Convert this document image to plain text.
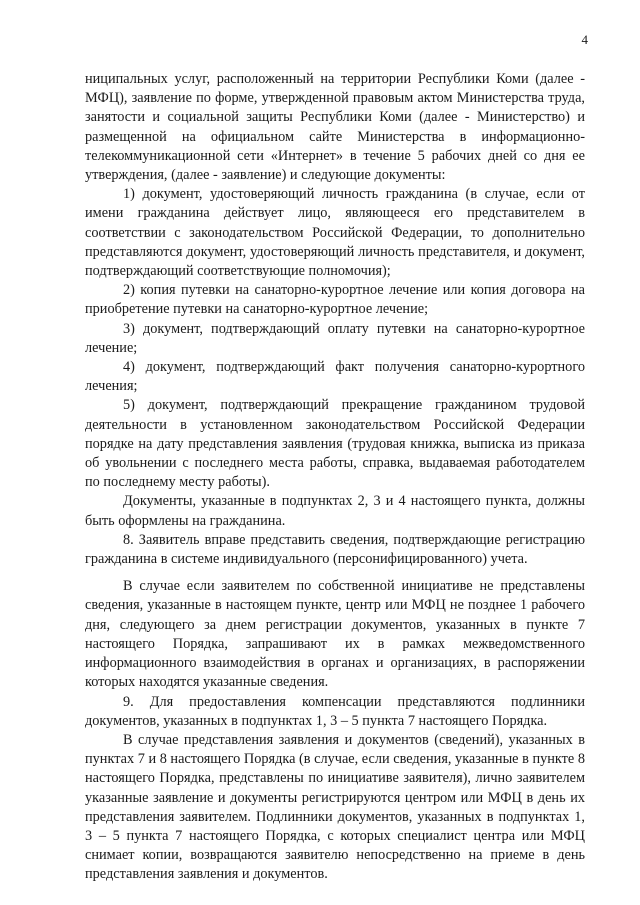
4

ниципальных услуг, расположенный на территории Республики Коми (далее - МФЦ), заявление по форме, утвержденной правовым актом Министерства труда, занятости и социальной защиты Республики Коми (далее - Министерство) и размещенной на официальном сайте Министерства в информационно-телекоммуникационной сети «Интернет» в течение 5 рабочих дней со дня ее утверждения, (далее - заявление) и следующие документы:

1) документ, удостоверяющий личность гражданина (в случае, если от имени гражданина действует лицо, являющееся его представителем в соответствии с законодательством Российской Федерации, то дополнительно представляются документ, удостоверяющий личность представителя, и документ, подтверждающий соответствующие полномочия);

2) копия путевки на санаторно-курортное лечение или копия договора на приобретение путевки на санаторно-курортное лечение;

3) документ, подтверждающий оплату путевки на санаторно-курортное лечение;

4) документ, подтверждающий факт получения санаторно-курортного лечения;

5) документ, подтверждающий прекращение гражданином трудовой деятельности в установленном законодательством Российской Федерации порядке на дату представления заявления (трудовая книжка, выписка из приказа об увольнении с последнего места работы, справка, выдаваемая работодателем по последнему месту работы).

Документы, указанные в подпунктах 2, 3 и 4 настоящего пункта, должны быть оформлены на гражданина.

8. Заявитель вправе представить сведения, подтверждающие регистрацию гражданина в системе индивидуального (персонифицированного) учета.

В случае если заявителем по собственной инициативе не представлены сведения, указанные в настоящем пункте, центр или МФЦ не позднее 1 рабочего дня, следующего за днем регистрации документов, указанных в пункте 7 настоящего Порядка, запрашивают их в рамках межведомственного информационного взаимодействия в органах и организациях, в распоряжении которых находятся указанные сведения.

9. Для предоставления компенсации представляются подлинники документов, указанных в подпунктах 1, 3 – 5 пункта 7 настоящего Порядка.

В случае представления заявления и документов (сведений), указанных в пунктах 7 и 8 настоящего Порядка (в случае, если сведения, указанные в пункте 8 настоящего Порядка, представлены по инициативе заявителя), лично заявителем указанные заявление и документы регистрируются центром или МФЦ в день их представления заявителем. Подлинники документов, указанных в подпунктах 1, 3 – 5 пункта 7 настоящего Порядка, с которых специалист центра или МФЦ снимает копии, возвращаются заявителю непосредственно на приеме в день представления заявления и документов.
